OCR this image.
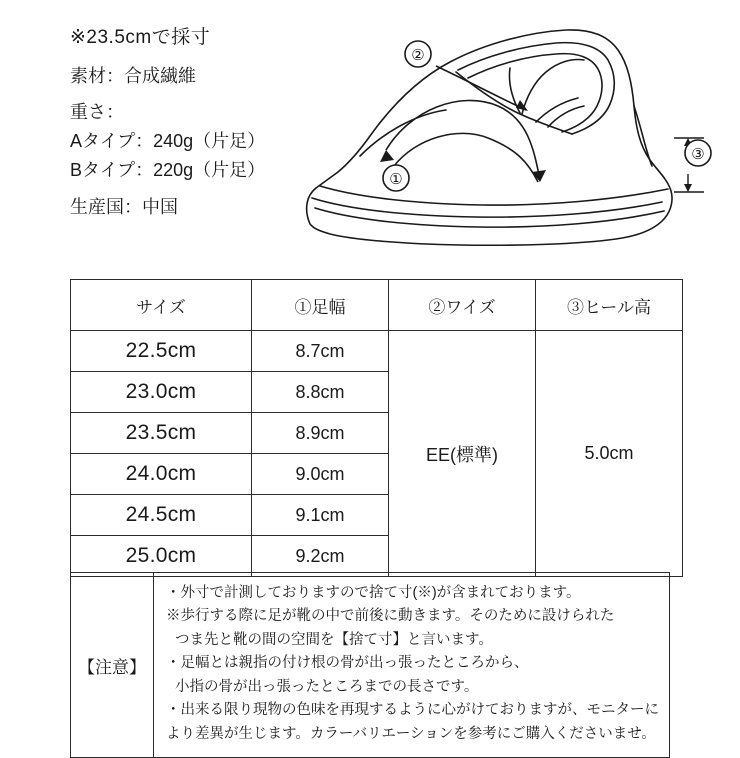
※23.5cmで採寸
素材：合成繊維
重さ：
Aタイプ：240g（片足）
Bタイプ：220g（片足）
生産国：中国
②
①
③
サイズ	①足幅	②ワイズ	③ヒール高
22.5cm	8.7cm	EE(標準)	5.0cm
23.0cm	8.8cm		
23.5cm	8.9cm		
24.0cm	9.0cm		
24.5cm	9.1cm		
25.0cm	9.2cm		
【注意】
・外寸で計測しておりますので捨て寸(※)が含まれております。
※歩行する際に足が靴の中で前後に動きます。そのために設けられた
つま先と靴の間の空間を【捨て寸】と言います。
・足幅とは親指の付け根の骨が出っ張ったところから、
小指の骨が出っ張ったところまでの長さです。
・出来る限り現物の色味を再現するように心がけておりますが、モニターに
より差異が生じます。カラーバリエーションを参考にご購入くださいませ。
